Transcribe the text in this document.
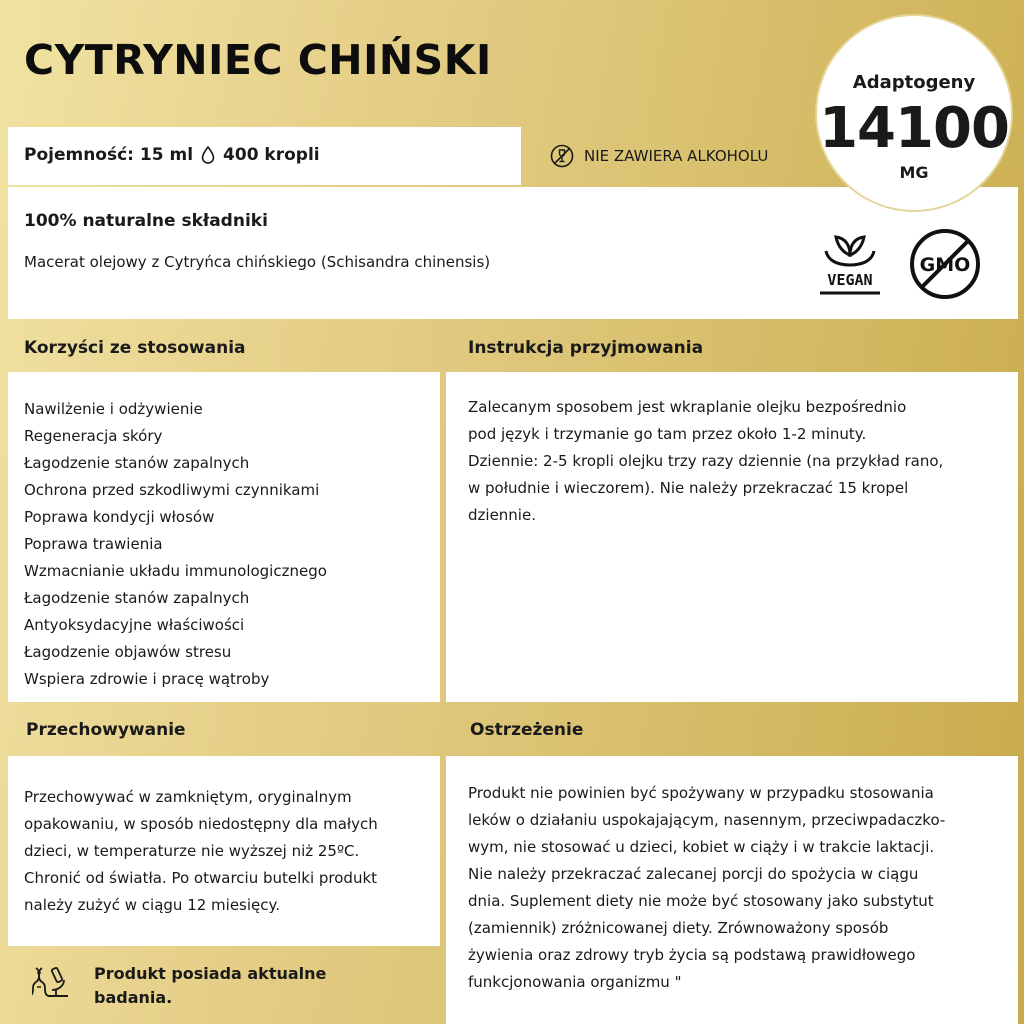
CYTRYNIEC CHIŃSKI
Pojemność: 15 ml 400 kropli	NIE ZAWIERA ALKOHOLU
100% naturalne składniki
Macerat olejowy z Cytryńca chińskiego (Schisandra chinensis)
VEGAN
GMO
Korzyści ze stosowania	Instrukcja przyjmowania
Nawilżenie i odżywienie
Regeneracja skóry
Łagodzenie stanów zapalnych
Ochrona przed szkodliwymi czynnikami
Poprawa kondycji włosów
Poprawa trawienia
Wzmacnianie układu immunologicznego
Łagodzenie stanów zapalnych
Antyoksydacyjne właściwości
Łagodzenie objawów stresu
Wspiera zdrowie i pracę wątroby
Zalecanym sposobem jest wkraplanie olejku bezpośrednio
pod język i trzymanie go tam przez około 1-2 minuty.
Dziennie: 2-5 kropli olejku trzy razy dziennie (na przykład rano,
w południe i wieczorem). Nie należy przekraczać 15 kropel
dziennie.
Przechowywanie	Ostrzeżenie
Przechowywać w zamkniętym, oryginalnym
opakowaniu, w sposób niedostępny dla małych
dzieci, w temperaturze nie wyższej niż 25ºC.
Chronić od światła. Po otwarciu butelki produkt
należy zużyć w ciągu 12 miesięcy.
Produkt nie powinien być spożywany w przypadku stosowania
leków o działaniu uspokajającym, nasennym, przeciwpadaczko-
wym, nie stosować u dzieci, kobiet w ciąży i w trakcie laktacji.
Nie należy przekraczać zalecanej porcji do spożycia w ciągu
dnia. Suplement diety nie może być stosowany jako substytut
(zamiennik) zróżnicowanej diety. Zrównoważony sposób
żywienia oraz zdrowy tryb życia są podstawą prawidłowego
funkcjonowania organizmu "
Produkt posiada aktualne
badania.
Adaptogeny
14100
MG
